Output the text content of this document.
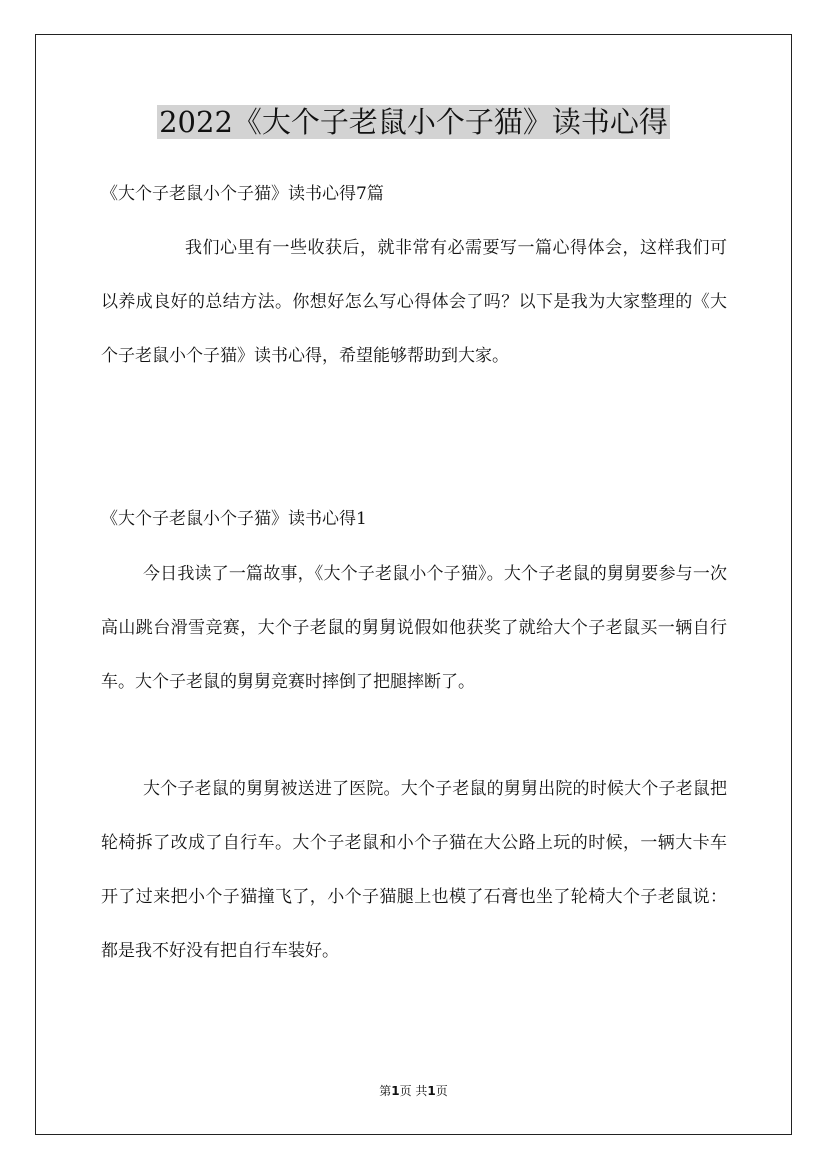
2022《大个子老鼠小个子猫》读书心得
《大个子老鼠小个子猫》读书心得7篇

我们心里有一些收获后，就非常有必需要写一篇心得体会，这样我们可以养成良好的总结方法。你想好怎么写心得体会了吗？以下是我为大家整理的《大个子老鼠小个子猫》读书心得，希望能够帮助到大家。

《大个子老鼠小个子猫》读书心得1

今日我读了一篇故事，《大个子老鼠小个子猫》。大个子老鼠的舅舅要参与一次高山跳台滑雪竞赛，大个子老鼠的舅舅说假如他获奖了就给大个子老鼠买一辆自行车。大个子老鼠的舅舅竞赛时摔倒了把腿摔断了。

大个子老鼠的舅舅被送进了医院。大个子老鼠的舅舅出院的时候大个子老鼠把轮椅拆了改成了自行车。大个子老鼠和小个子猫在大公路上玩的时候，一辆大卡车开了过来把小个子猫撞飞了，小个子猫腿上也模了石膏也坐了轮椅大个子老鼠说：都是我不好没有把自行车装好。

第1页 共1页
